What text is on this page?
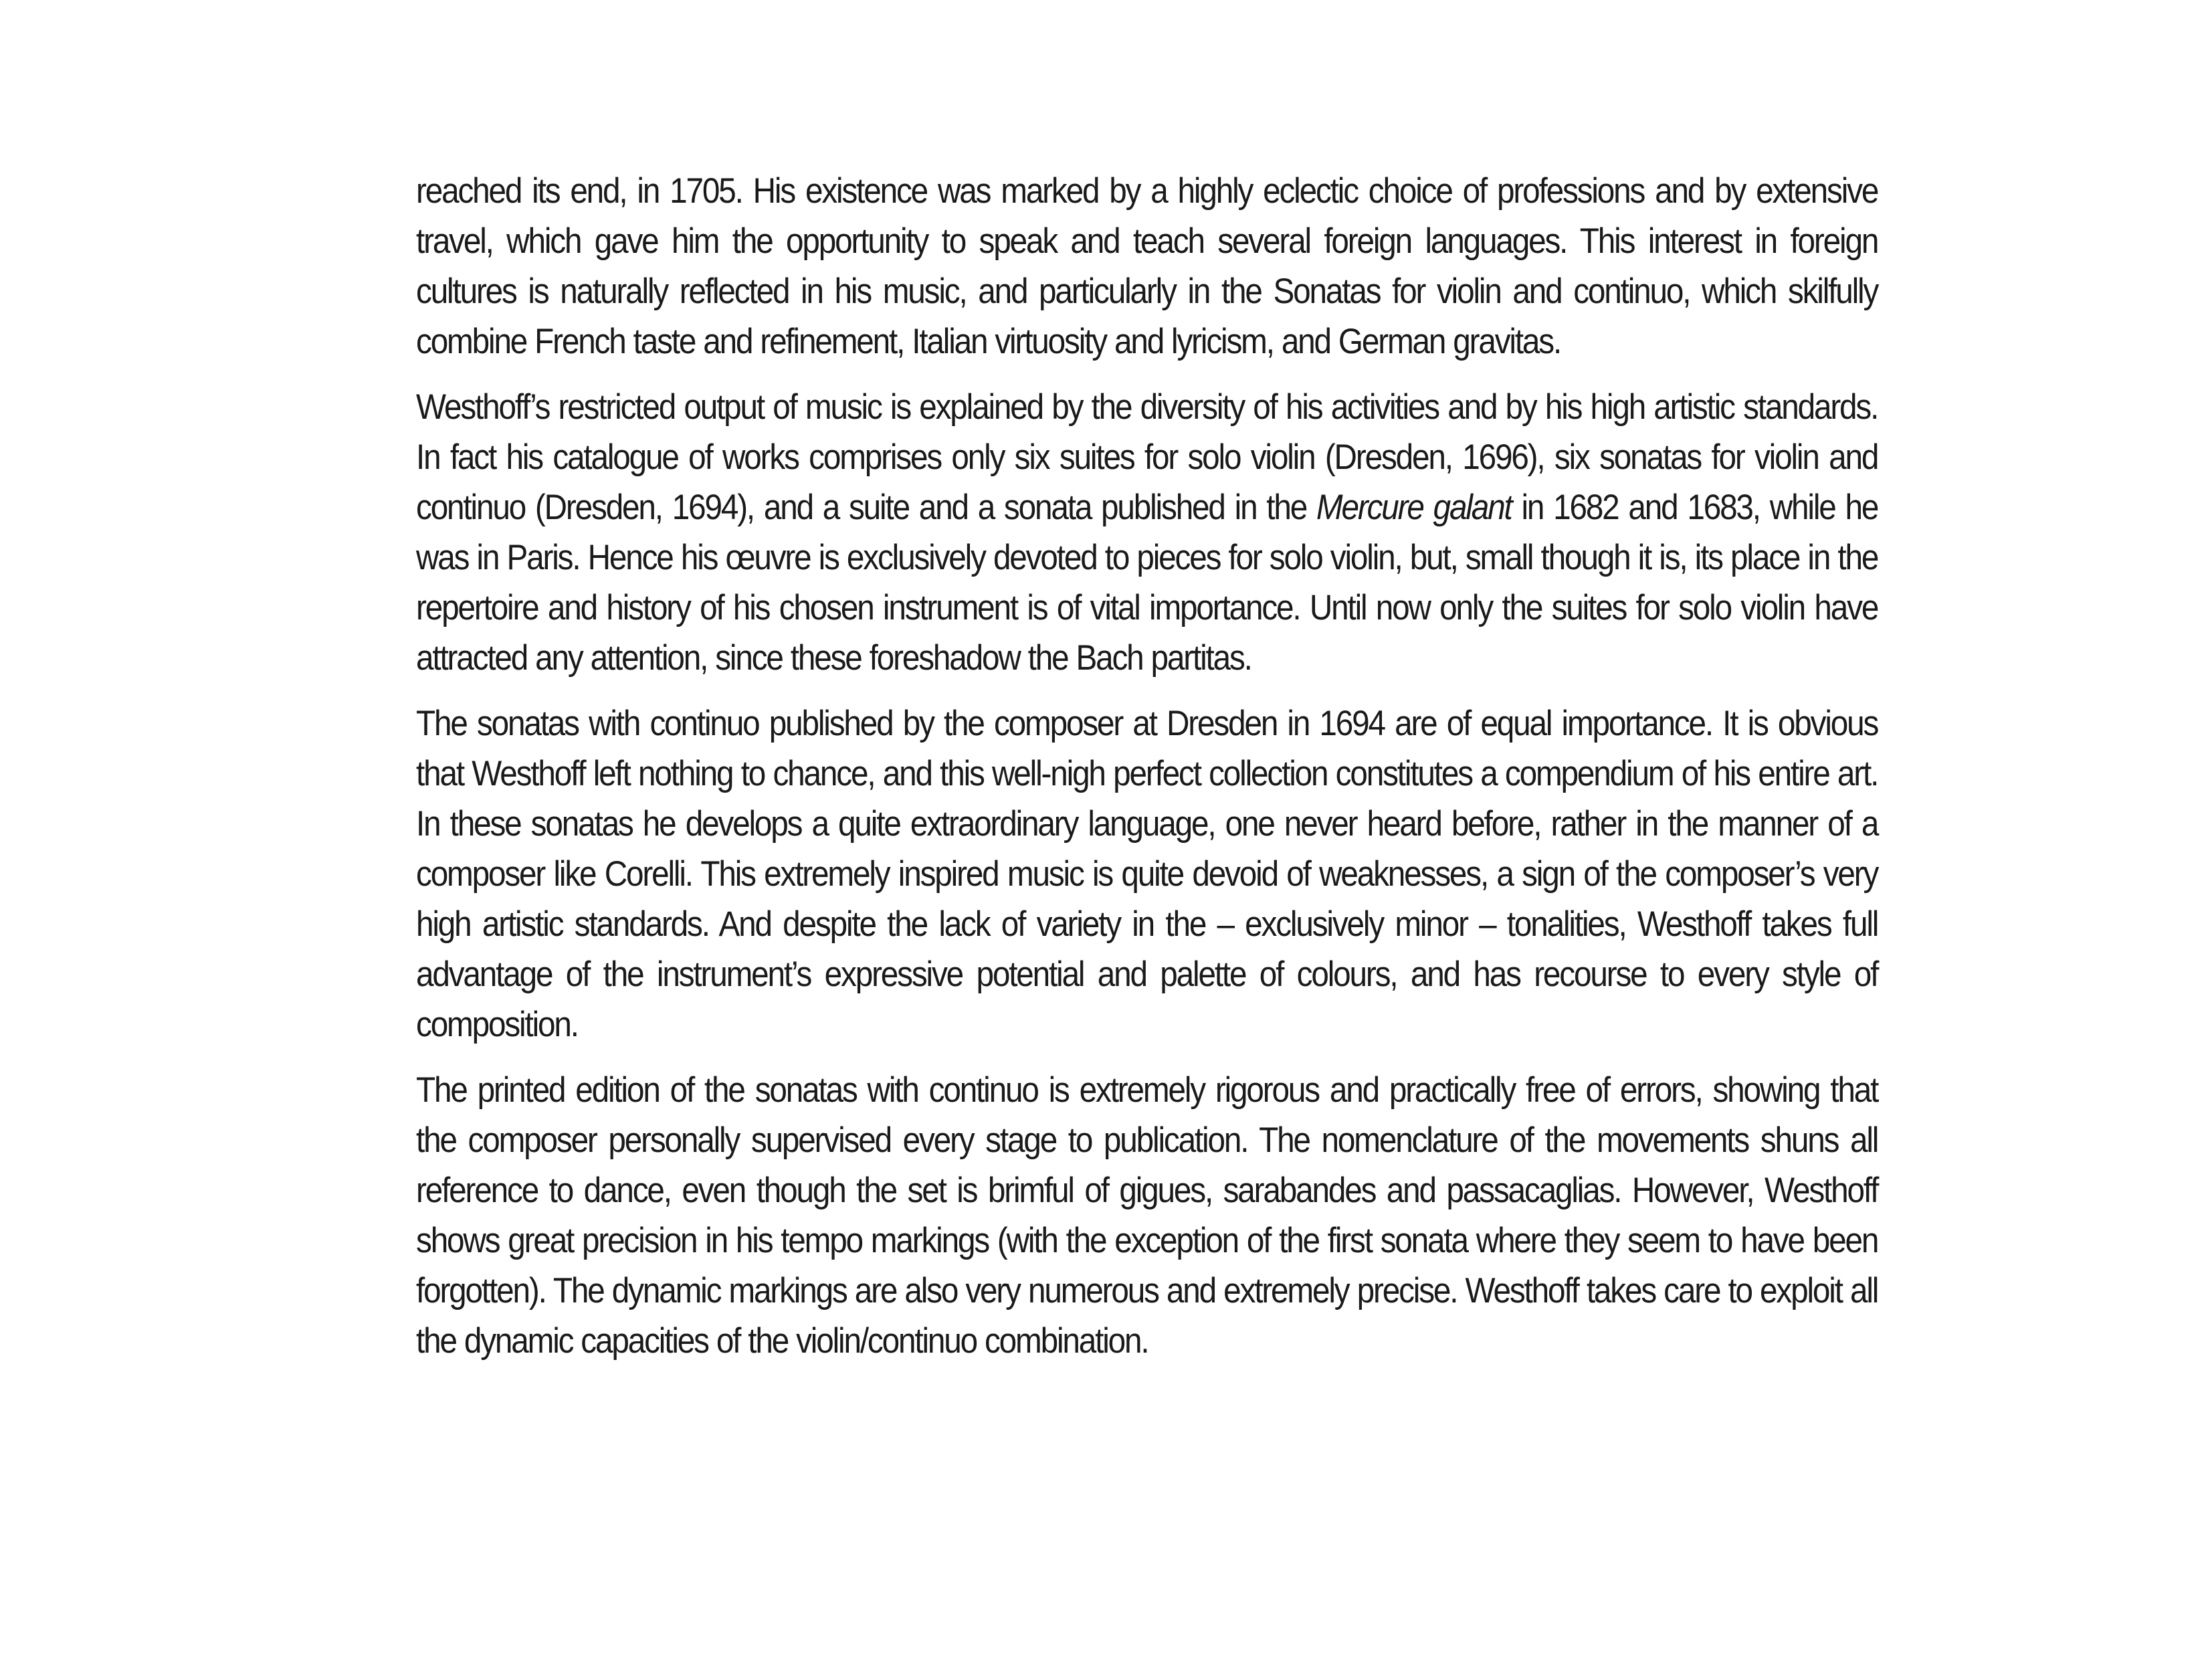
reached its end, in 1705. His existence was marked by a highly eclectic choice of professions and by extensive travel, which gave him the opportunity to speak and teach several foreign languages. This interest in foreign cultures is naturally reflected in his music, and particularly in the Sonatas for violin and continuo, which skilfully combine French taste and refinement, Italian virtuosity and lyricism, and German gravitas.

Westhoff’s restricted output of music is explained by the diversity of his activities and by his high artistic standards. In fact his catalogue of works comprises only six suites for solo violin (Dresden, 1696), six sonatas for violin and continuo (Dresden, 1694), and a suite and a sonata published in the Mercure galant in 1682 and 1683, while he was in Paris. Hence his œuvre is exclusively devoted to pieces for solo violin, but, small though it is, its place in the repertoire and history of his chosen instrument is of vital importance. Until now only the suites for solo violin have attracted any attention, since these foreshadow the Bach partitas.

The sonatas with continuo published by the composer at Dresden in 1694 are of equal importance. It is obvious that Westhoff left nothing to chance, and this well-nigh perfect collection constitutes a compendium of his entire art. In these sonatas he develops a quite extraordinary language, one never heard before, rather in the manner of a composer like Corelli. This extremely inspired music is quite devoid of weaknesses, a sign of the composer’s very high artistic standards. And despite the lack of variety in the – exclusively minor – tonalities, Westhoff takes full advantage of the instrument’s expressive potential and palette of colours, and has recourse to every style of composition.

The printed edition of the sonatas with continuo is extremely rigorous and practically free of errors, showing that the composer personally supervised every stage to publication. The nomenclature of the movements shuns all reference to dance, even though the set is brimful of gigues, sarabandes and passacaglias. However, Westhoff shows great precision in his tempo markings (with the exception of the first sonata where they seem to have been forgotten). The dynamic markings are also very numerous and extremely precise. Westhoff takes care to exploit all the dynamic capacities of the violin/continuo combination.
